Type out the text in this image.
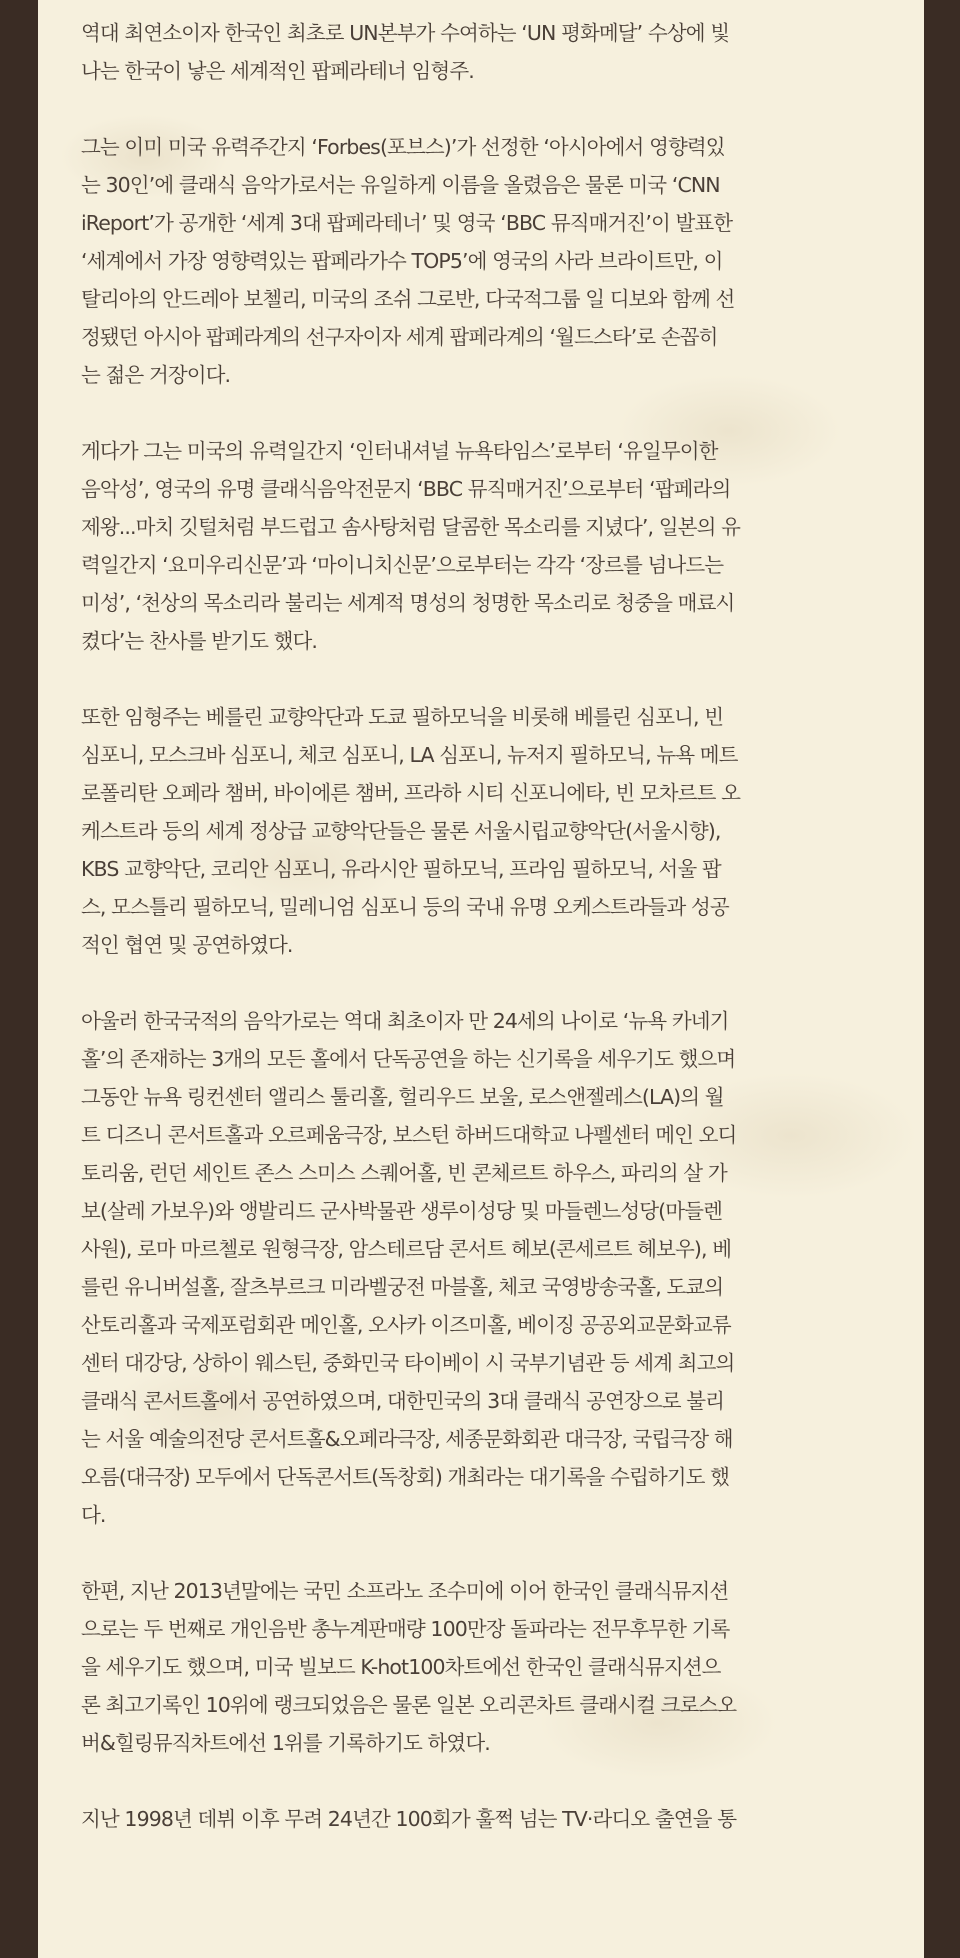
역대 최연소이자 한국인 최초로 UN본부가 수여하는 ‘UN 평화메달’ 수상에 빛
나는 한국이 낳은 세계적인 팝페라테너 임형주.

그는 이미 미국 유력주간지 ‘Forbes(포브스)’가 선정한 ‘아시아에서 영향력있
는 30인’에 클래식 음악가로서는 유일하게 이름을 올렸음은 물론 미국 ‘CNN
iReport’가 공개한 ‘세계 3대 팝페라테너’ 및 영국 ‘BBC 뮤직매거진’이 발표한
‘세계에서 가장 영향력있는 팝페라가수 TOP5’에 영국의 사라 브라이트만, 이
탈리아의 안드레아 보첼리, 미국의 조쉬 그로반, 다국적그룹 일 디보와 함께 선
정됐던 아시아 팝페라계의 선구자이자 세계 팝페라계의 ‘월드스타’로 손꼽히
는 젊은 거장이다.

게다가 그는 미국의 유력일간지 ‘인터내셔널 뉴욕타임스’로부터 ‘유일무이한
음악성’, 영국의 유명 클래식음악전문지 ‘BBC 뮤직매거진’으로부터 ‘팝페라의
제왕...마치 깃털처럼 부드럽고 솜사탕처럼 달콤한 목소리를 지녔다’, 일본의 유
력일간지 ‘요미우리신문’과 ‘마이니치신문’으로부터는 각각 ‘장르를 넘나드는
미성’, ‘천상의 목소리라 불리는 세계적 명성의 청명한 목소리로 청중을 매료시
켰다’는 찬사를 받기도 했다.

또한 임형주는 베를린 교향악단과 도쿄 필하모닉을 비롯해 베를린 심포니, 빈
심포니, 모스크바 심포니, 체코 심포니, LA 심포니, 뉴저지 필하모닉, 뉴욕 메트
로폴리탄 오페라 챔버, 바이에른 챔버, 프라하 시티 신포니에타, 빈 모차르트 오
케스트라 등의 세계 정상급 교향악단들은 물론 서울시립교향악단(서울시향),
KBS 교향악단, 코리안 심포니, 유라시안 필하모닉, 프라임 필하모닉, 서울 팝
스, 모스틀리 필하모닉, 밀레니엄 심포니 등의 국내 유명 오케스트라들과 성공
적인 협연 및 공연하였다.

아울러 한국국적의 음악가로는 역대 최초이자 만 24세의 나이로 ‘뉴욕 카네기
홀’의 존재하는 3개의 모든 홀에서 단독공연을 하는 신기록을 세우기도 했으며
그동안 뉴욕 링컨센터 앨리스 툴리홀, 헐리우드 보울, 로스앤젤레스(LA)의 월
트 디즈니 콘서트홀과 오르페움극장, 보스턴 하버드대학교 나펠센터 메인 오디
토리움, 런던 세인트 존스 스미스 스퀘어홀, 빈 콘체르트 하우스, 파리의 살 가
보(살레 가보우)와 앵발리드 군사박물관 생루이성당 및 마들렌느성당(마들렌
사원), 로마 마르첼로 원형극장, 암스테르담 콘서트 헤보(콘세르트 헤보우), 베
를린 유니버설홀, 잘츠부르크 미라벨궁전 마블홀, 체코 국영방송국홀, 도쿄의
산토리홀과 국제포럼회관 메인홀, 오사카 이즈미홀, 베이징 공공외교문화교류
센터 대강당, 상하이 웨스틴, 중화민국 타이베이 시 국부기념관 등 세계 최고의
클래식 콘서트홀에서 공연하였으며, 대한민국의 3대 클래식 공연장으로 불리
는 서울 예술의전당 콘서트홀&오페라극장, 세종문화회관 대극장, 국립극장 해
오름(대극장) 모두에서 단독콘서트(독창회) 개최라는 대기록을 수립하기도 했
다.

한편, 지난 2013년말에는 국민 소프라노 조수미에 이어 한국인 클래식뮤지션
으로는 두 번째로 개인음반 총누계판매량 100만장 돌파라는 전무후무한 기록
을 세우기도 했으며, 미국 빌보드 K-hot100차트에선 한국인 클래식뮤지션으
론 최고기록인 10위에 랭크되었음은 물론 일본 오리콘차트 클래시컬 크로스오
버&힐링뮤직차트에선 1위를 기록하기도 하였다.

지난 1998년 데뷔 이후 무려 24년간 100회가 훌쩍 넘는 TV·라디오 출연을 통
